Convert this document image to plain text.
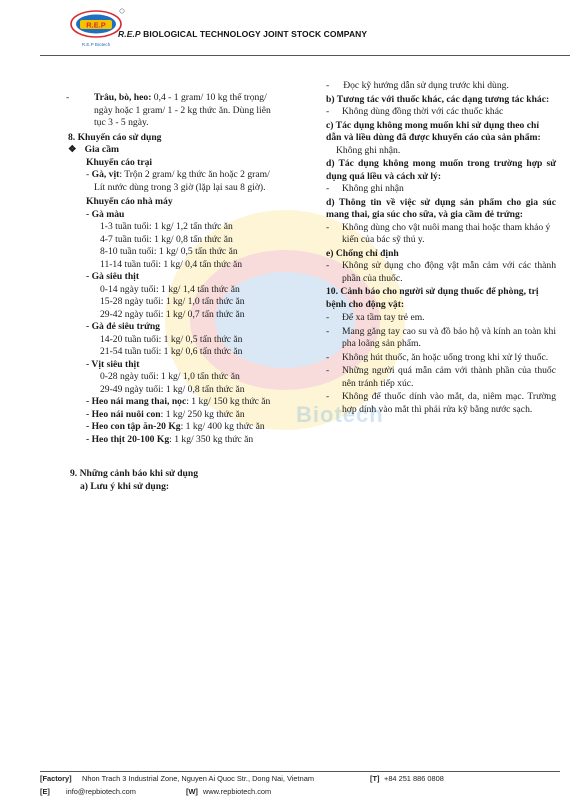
R.E.P
R.E.P Biotech
R.E.P BIOLOGICAL TECHNOLOGY JOINT STOCK COMPANY
Biotech
-	Trâu, bò, heo: 0,4 - 1 gram/ 10 kg thể trọng/
ngày hoặc 1 gram/ 1 - 2 kg thức ăn. Dùng liên
tục 3 - 5 ngày.
8. Khuyến cáo sử dụng
❖ Gia cầm
Khuyến cáo trại
- Gà, vịt: Trộn 2 gram/ kg thức ăn hoặc 2 gram/
Lít nước dùng trong 3 giờ (lặp lại sau 8 giờ).
Khuyến cáo nhà máy
- Gà màu
1-3 tuần tuổi: 1 kg/ 1,2 tấn thức ăn
4-7 tuần tuổi: 1 kg/ 0,8 tấn thức ăn
8-10 tuần tuổi: 1 kg/ 0,5 tấn thức ăn
11-14 tuần tuổi: 1 kg/ 0,4 tấn thức ăn
- Gà siêu thịt
0-14 ngày tuổi: 1 kg/ 1,4 tấn thức ăn
15-28 ngày tuổi: 1 kg/ 1,0 tấn thức ăn
29-42 ngày tuổi: 1 kg/ 0,7 tấn thức ăn
- Gà đẻ siêu trứng
14-20 tuần tuổi: 1 kg/ 0,5 tấn thức ăn
21-54 tuần tuổi: 1 kg/ 0,6 tấn thức ăn
- Vịt siêu thịt
0-28 ngày tuổi: 1 kg/ 1,0 tấn thức ăn
29-49 ngày tuổi: 1 kg/ 0,8 tấn thức ăn
- Heo nái mang thai, nọc: 1 kg/ 150 kg thức ăn
- Heo nái nuôi con: 1 kg/ 250 kg thức ăn
- Heo con tập ăn-20 Kg: 1 kg/ 400 kg thức ăn
- Heo thịt 20-100 Kg: 1 kg/ 350 kg thức ăn
9. Những cảnh báo khi sử dụng
a) Lưu ý khi sử dụng:
- Đọc kỹ hướng dẫn sử dụng trước khi dùng.
b) Tương tác với thuốc khác, các dạng tương tác khác:
- Không dùng đồng thời với các thuốc khác
c) Tác dụng không mong muốn khi sử dụng theo chỉ dẫn và liều dùng đã được khuyến cáo của sản phẩm:
Không ghi nhận.
d) Tác dụng không mong muốn trong trường hợp sử dụng quá liều và cách xử lý:
- Không ghi nhận
d) Thông tin về việc sử dụng sản phẩm cho gia súc mang thai, gia súc cho sữa, và gia cầm đẻ trứng:
- Không dùng cho vật nuôi mang thai hoặc tham khảo ý kiến của bác sỹ thú y.
e) Chống chỉ định
- Không sử dụng cho động vật mẫn cảm với các thành phần của thuốc.
10. Cảnh báo cho người sử dụng thuốc để phòng, trị bệnh cho động vật:
- Để xa tầm tay trẻ em.
- Mang găng tay cao su và đồ bảo hộ và kính an toàn khi pha loãng sản phẩm.
- Không hút thuốc, ăn hoặc uống trong khi xử lý thuốc.
- Những người quá mẫn cảm với thành phần của thuốc nên tránh tiếp xúc.
- Không để thuốc dính vào mắt, da, niêm mạc. Trường hợp dính vào mắt thì phải rửa kỹ bằng nước sạch.
[Factory] Nhon Trach 3 Industrial Zone, Nguyen Ai Quoc Str., Dong Nai, Vietnam	[T] +84 251 886 0808
[E] info@repbiotech.com	[W] www.repbiotech.com
